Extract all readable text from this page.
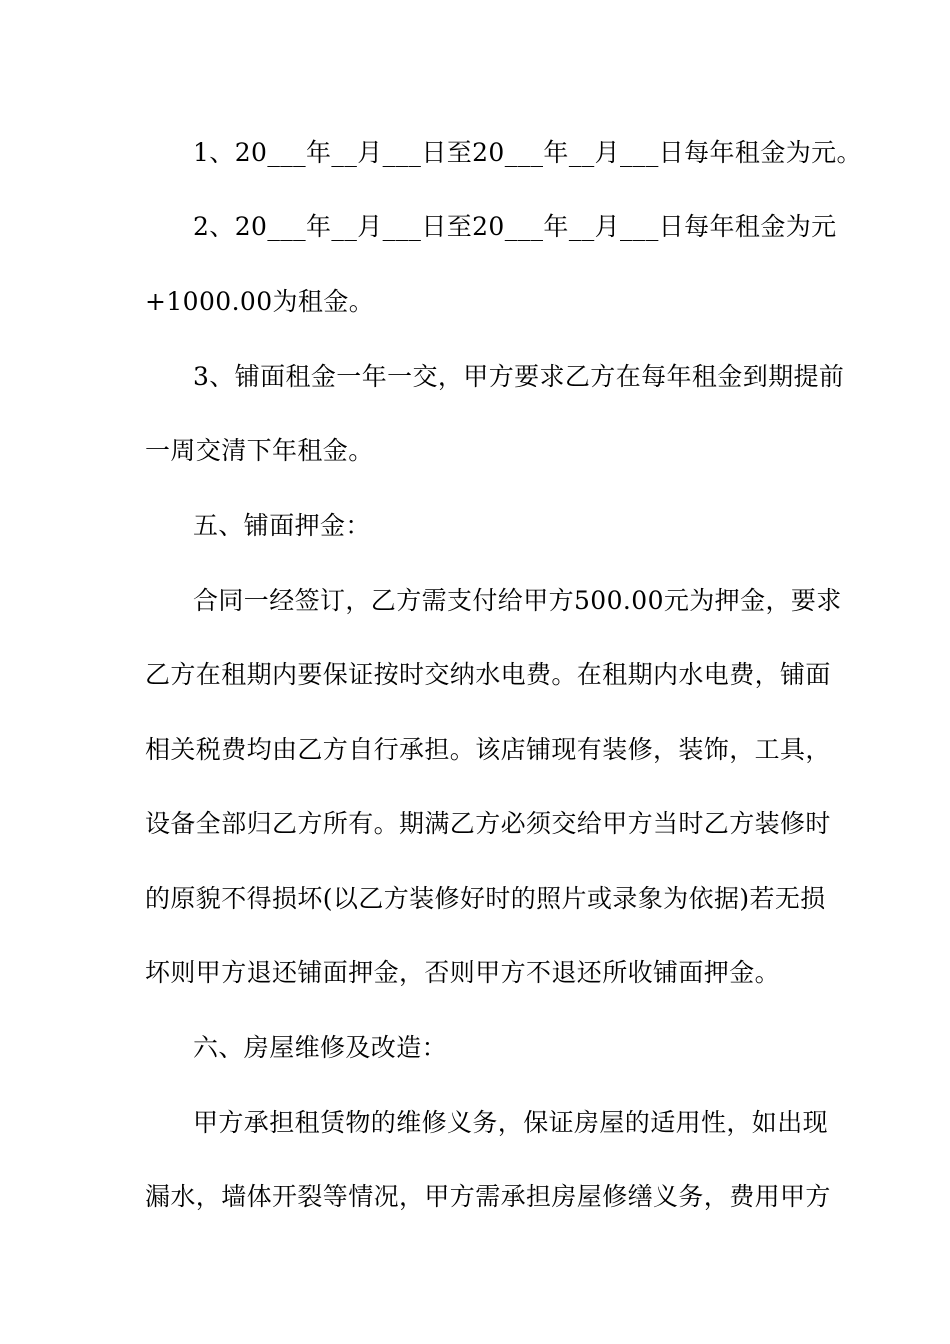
1、20___年__月___日至20___年__月___日每年租金为元。
2、20___年__月___日至20___年__月___日每年租金为元
+1000.00为租金。
3、铺面租金一年一交，甲方要求乙方在每年租金到期提前
一周交清下年租金。
五、铺面押金：
合同一经签订，乙方需支付给甲方500.00元为押金，要求
乙方在租期内要保证按时交纳水电费。在租期内水电费，铺面
相关税费均由乙方自行承担。该店铺现有装修，装饰，工具，
设备全部归乙方所有。期满乙方必须交给甲方当时乙方装修时
的原貌不得损坏(以乙方装修好时的照片或录象为依据)若无损
坏则甲方退还铺面押金，否则甲方不退还所收铺面押金。
六、房屋维修及改造：
甲方承担租赁物的维修义务，保证房屋的适用性，如出现
漏水，墙体开裂等情况，甲方需承担房屋修缮义务，费用甲方
